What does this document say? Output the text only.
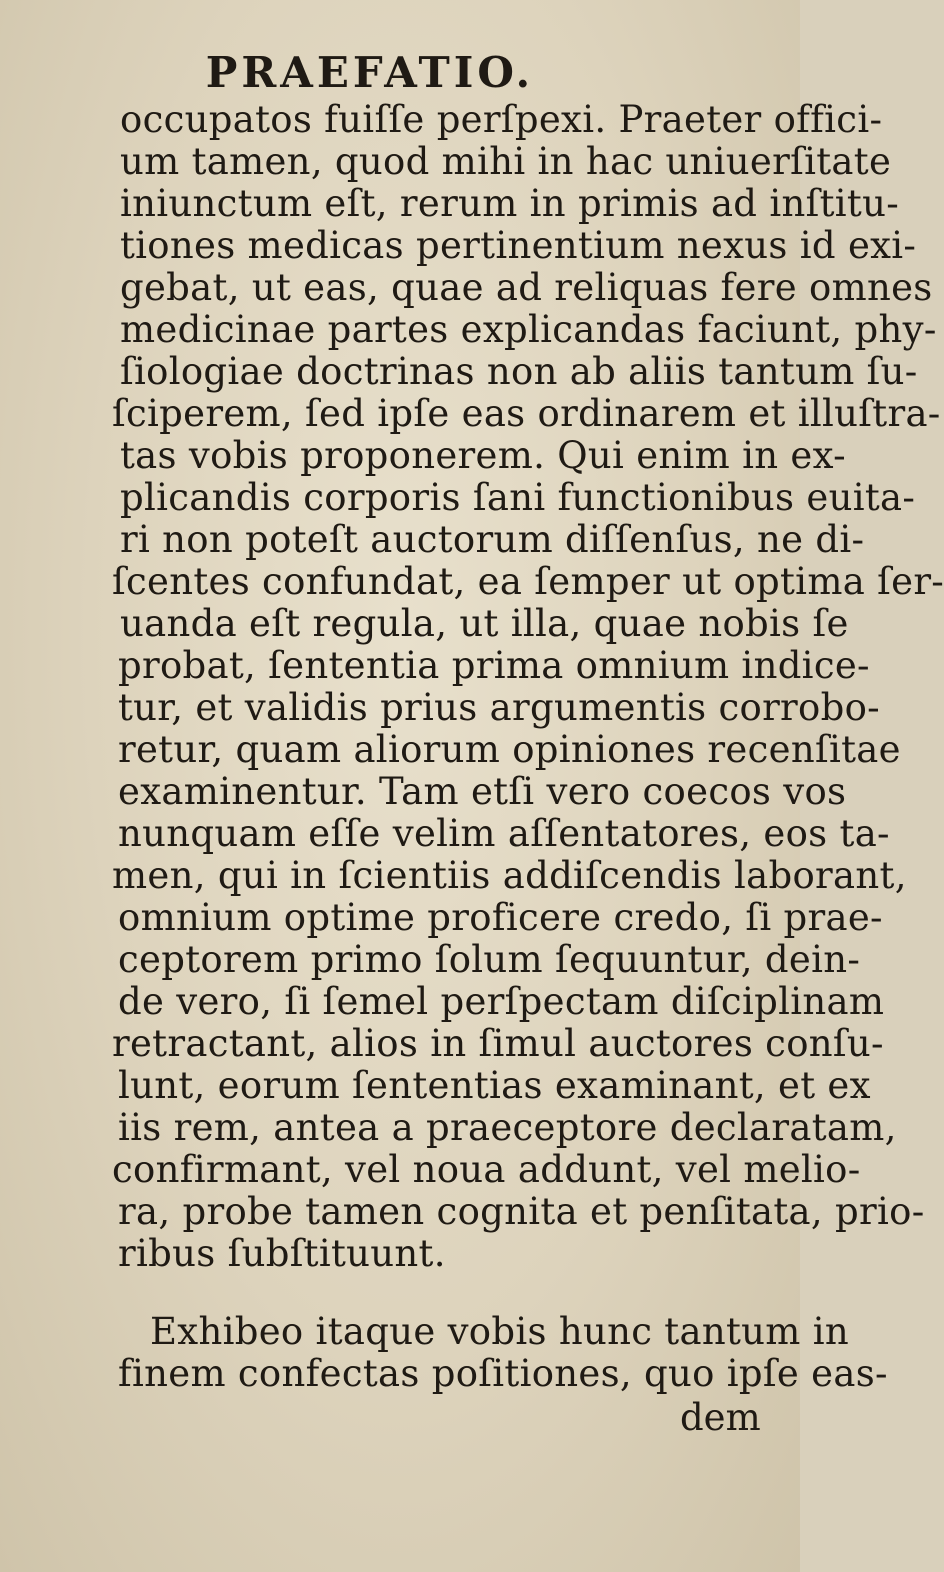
PRAEFATIO.
occupatos fuiſſe perſpexi. Praeter offici-
um tamen, quod mihi in hac uniuerſitate
iniunctum eſt, rerum in primis ad inſtitu-
tiones medicas pertinentium nexus id exi-
gebat, ut eas, quae ad reliquas fere omnes
medicinae partes explicandas faciunt, phy-
ſiologiae doctrinas non ab aliis tantum ſu-
ſciperem, ſed ipſe eas ordinarem et illuſtra-
tas vobis proponerem. Qui enim in ex-
plicandis corporis ſani functionibus euita-
ri non poteſt auctorum diſſenſus, ne di-
ſcentes confundat, ea ſemper ut optima ſer-
uanda eſt regula, ut illa, quae nobis ſe
probat, ſententia prima omnium indice-
tur, et validis prius argumentis corrobo-
retur, quam aliorum opiniones recenſitae
examinentur. Tam etſi vero coecos vos
nunquam eſſe velim aſſentatores, eos ta-
men, qui in ſcientiis addiſcendis laborant,
omnium optime proficere credo, ſi prae-
ceptorem primo ſolum ſequuntur, dein-
de vero, ſi ſemel perſpectam diſciplinam
retractant, alios in ſimul auctores conſu-
lunt, eorum ſententias examinant, et ex
iis rem, antea a praeceptore declaratam,
confirmant, vel noua addunt, vel melio-
ra, probe tamen cognita et penſitata, prio-
ribus ſubſtituunt.
Exhibeo itaque vobis hunc tantum in
finem confectas poſitiones, quo ipſe eas-
dem
